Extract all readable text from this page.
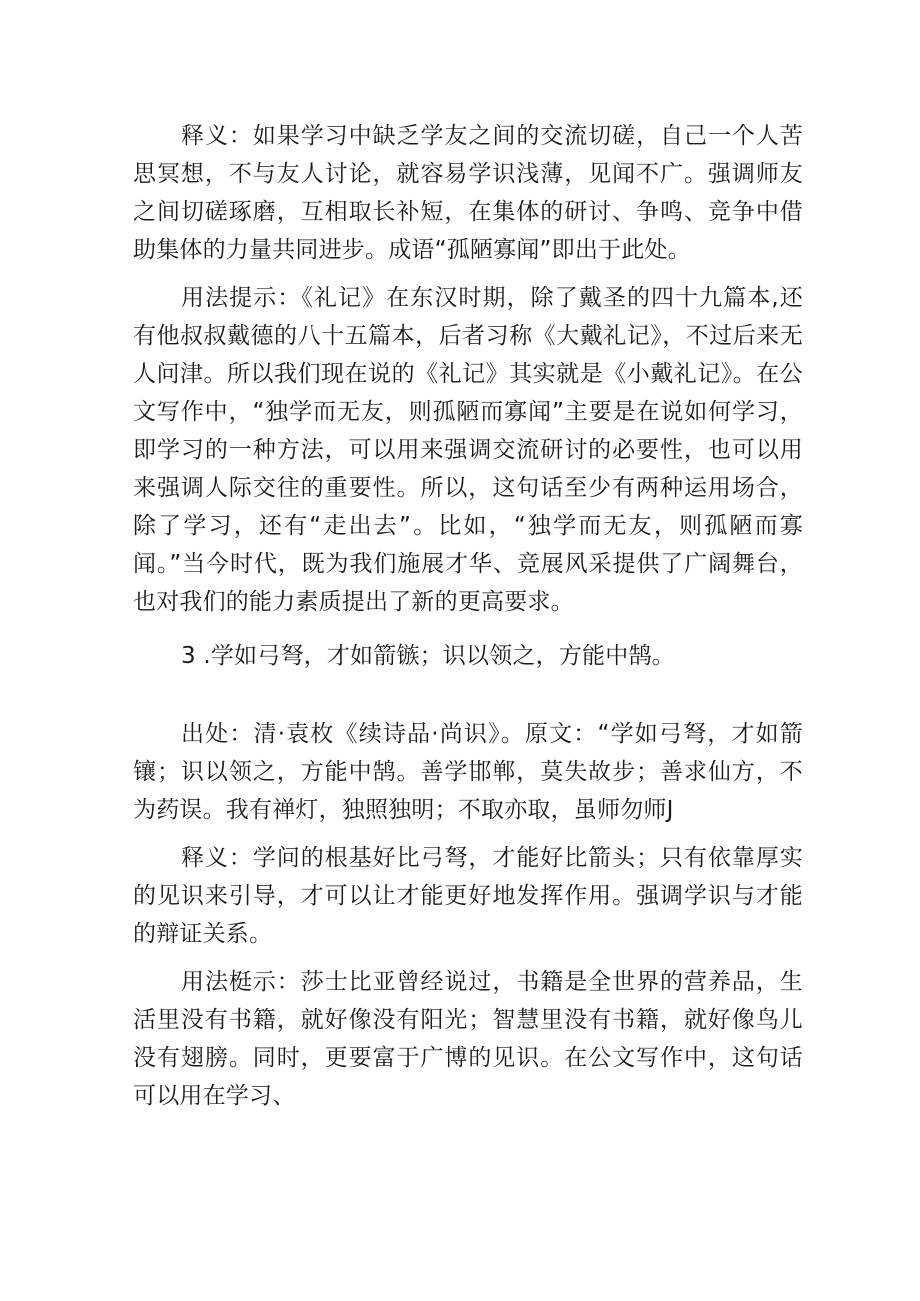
释义：如果学习中缺乏学友之间的交流切磋，自己一个人苦思冥想，不与友人讨论，就容易学识浅薄，见闻不广。强调师友之间切磋琢磨，互相取长补短，在集体的研讨、争鸣、竞争中借助集体的力量共同进步。成语“孤陋寡闻”即出于此处。

用法提示：《礼记》在东汉时期，除了戴圣的四十九篇本,还有他叔叔戴德的八十五篇本，后者习称《大戴礼记》，不过后来无人问津。所以我们现在说的《礼记》其实就是《小戴礼记》。在公文写作中，“独学而无友，则孤陋而寡闻”主要是在说如何学习，即学习的一种方法，可以用来强调交流研讨的必要性，也可以用来强调人际交往的重要性。所以，这句话至少有两种运用场合，除了学习，还有“走出去”。比如，“独学而无友，则孤陋而寡闻。”当今时代，既为我们施展才华、竞展风采提供了广阔舞台，也对我们的能力素质提出了新的更高要求。

3 .学如弓弩，才如箭镞；识以领之，方能中鹄。

出处：清·袁枚《续诗品·尚识》。原文：“学如弓弩，才如箭镶；识以领之，方能中鹄。善学邯郸，莫失故步；善求仙方，不为药误。我有禅灯，独照独明；不取亦取，虽师勿师J

释义：学问的根基好比弓弩，才能好比箭头；只有依靠厚实的见识来引导，才可以让才能更好地发挥作用。强调学识与才能的辩证关系。

用法梃示：莎士比亚曾经说过，书籍是全世界的营养品，生活里没有书籍，就好像没有阳光；智慧里没有书籍，就好像鸟儿没有翅膀。同时，更要富于广博的见识。在公文写作中，这句话可以用在学习、
